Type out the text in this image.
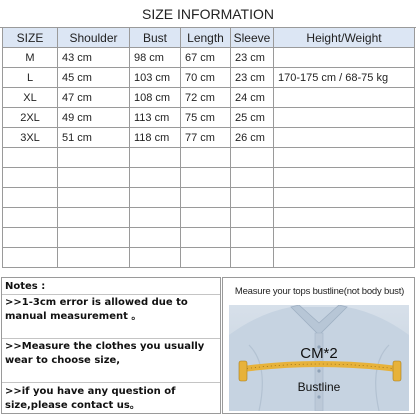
SIZE INFORMATION
SIZE	Shoulder	Bust	Length	Sleeve	Height/Weight
M	43 cm	98 cm	67 cm	23 cm	
L	45 cm	103 cm	70 cm	23 cm	170-175 cm / 68-75 kg
XL	47 cm	108 cm	72 cm	24 cm	
2XL	49 cm	113 cm	75 cm	25 cm	
3XL	51 cm	118 cm	77 cm	26 cm	

Notes :
>>1-3cm error is allowed due to manual measurement 。
>>Measure the clothes you usually wear to choose size,
>>if you have any question of size,please contact us。
Measure your tops bustline(not body bust)
CM*2
Bustline
